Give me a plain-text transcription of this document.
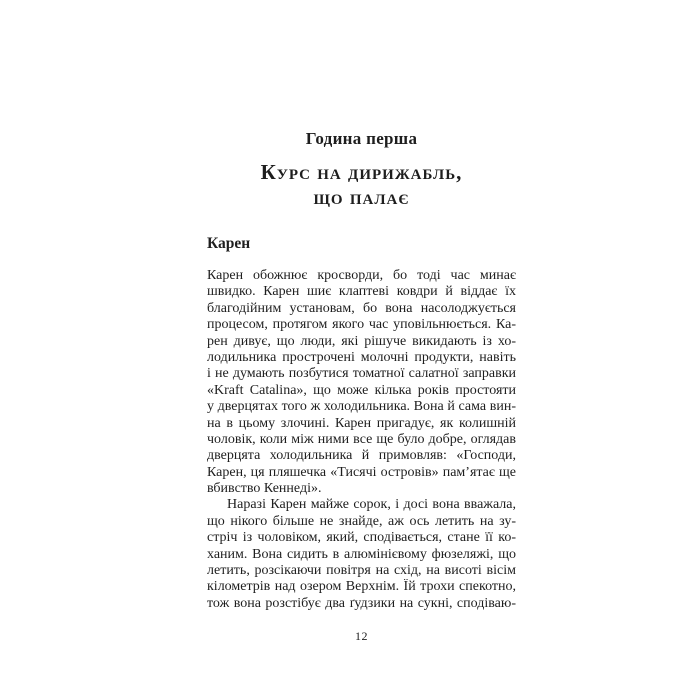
Година перша
Курс на дирижабль,
що палає
Карен
Карен обожнює кросворди, бо тоді час минає
швидко. Карен шиє клаптеві ковдри й віддає їх
благодійним установам, бо вона насолоджується
процесом, протягом якого час уповільнюється. Ка-
рен дивує, що люди, які рішуче викидають із хо-
лодильника прострочені молочні продукти, навіть
і не думають позбутися томатної салатної заправки
«Kraft Catalina», що може кілька років простояти
у дверцятах того ж холодильника. Вона й сама вин-
на в цьому злочині. Карен пригадує, як колишній
чоловік, коли між ними все ще було добре, оглядав
дверцята холодильника й примовляв: «Господи,
Карен, ця пляшечка «Тисячі островів» пам’ятає ще
вбивство Кеннеді».
Наразі Карен майже сорок, і досі вона вважала,
що нікого більше не знайде, аж ось летить на зу-
стріч із чоловіком, який, сподівається, стане її ко-
ханим. Вона сидить в алюмінієвому фюзеляжі, що
летить, розсікаючи повітря на схід, на висоті вісім
кілометрів над озером Верхнім. Їй трохи спекотно,
тож вона розстібує два ґудзики на сукні, сподіваю-
12
